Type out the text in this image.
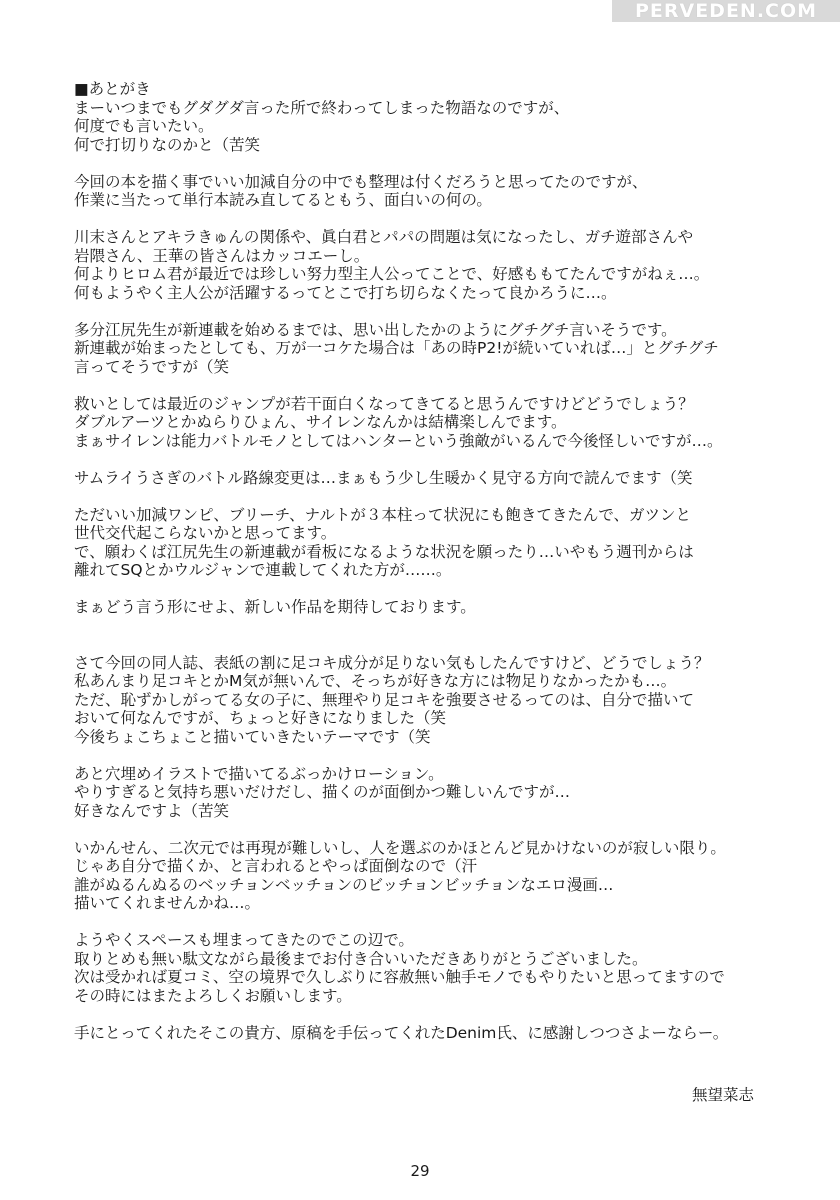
PERVEDEN.COM
■あとがき
まーいつまでもグダグダ言った所で終わってしまった物語なのですが、
何度でも言いたい。
何で打切りなのかと（苦笑
今回の本を描く事でいい加減自分の中でも整理は付くだろうと思ってたのですが、
作業に当たって単行本読み直してるともう、面白いの何の。
川末さんとアキラきゅんの関係や、眞白君とパパの問題は気になったし、ガチ遊部さんや
岩隈さん、王華の皆さんはカッコエーし。
何よりヒロム君が最近では珍しい努力型主人公ってことで、好感ももてたんですがねぇ…。
何もようやく主人公が活躍するってとこで打ち切らなくたって良かろうに…。
多分江尻先生が新連載を始めるまでは、思い出したかのようにグチグチ言いそうです。
新連載が始まったとしても、万が一コケた場合は「あの時P2!が続いていれば…」とグチグチ
言ってそうですが（笑
救いとしては最近のジャンプが若干面白くなってきてると思うんですけどどうでしょう？
ダブルアーツとかぬらりひょん、サイレンなんかは結構楽しんでます。
まぁサイレンは能力バトルモノとしてはハンターという強敵がいるんで今後怪しいですが…。
サムライうさぎのバトル路線変更は…まぁもう少し生暖かく見守る方向で読んでます（笑
ただいい加減ワンピ、ブリーチ、ナルトが３本柱って状況にも飽きてきたんで、ガツンと
世代交代起こらないかと思ってます。
で、願わくば江尻先生の新連載が看板になるような状況を願ったり…いやもう週刊からは
離れてSQとかウルジャンで連載してくれた方が……。
まぁどう言う形にせよ、新しい作品を期待しております。
さて今回の同人誌、表紙の割に足コキ成分が足りない気もしたんですけど、どうでしょう？
私あんまり足コキとかM気が無いんで、そっちが好きな方には物足りなかったかも…。
ただ、恥ずかしがってる女の子に、無理やり足コキを強要させるってのは、自分で描いて
おいて何なんですが、ちょっと好きになりました（笑
今後ちょこちょこと描いていきたいテーマです（笑
あと穴埋めイラストで描いてるぶっかけローション。
やりすぎると気持ち悪いだけだし、描くのが面倒かつ難しいんですが…
好きなんですよ（苦笑
いかんせん、二次元では再現が難しいし、人を選ぶのかほとんど見かけないのが寂しい限り。
じゃあ自分で描くか、と言われるとやっぱ面倒なので（汗
誰がぬるんぬるのベッチョンベッチョンのビッチョンビッチョンなエロ漫画…
描いてくれませんかね…。
ようやくスペースも埋まってきたのでこの辺で。
取りとめも無い駄文ながら最後までお付き合いいただきありがとうございました。
次は受かれば夏コミ、空の境界で久しぶりに容赦無い触手モノでもやりたいと思ってますので
その時にはまたよろしくお願いします。
手にとってくれたそこの貴方、原稿を手伝ってくれたDenim氏、に感謝しつつさよーならー。
無望菜志
29
